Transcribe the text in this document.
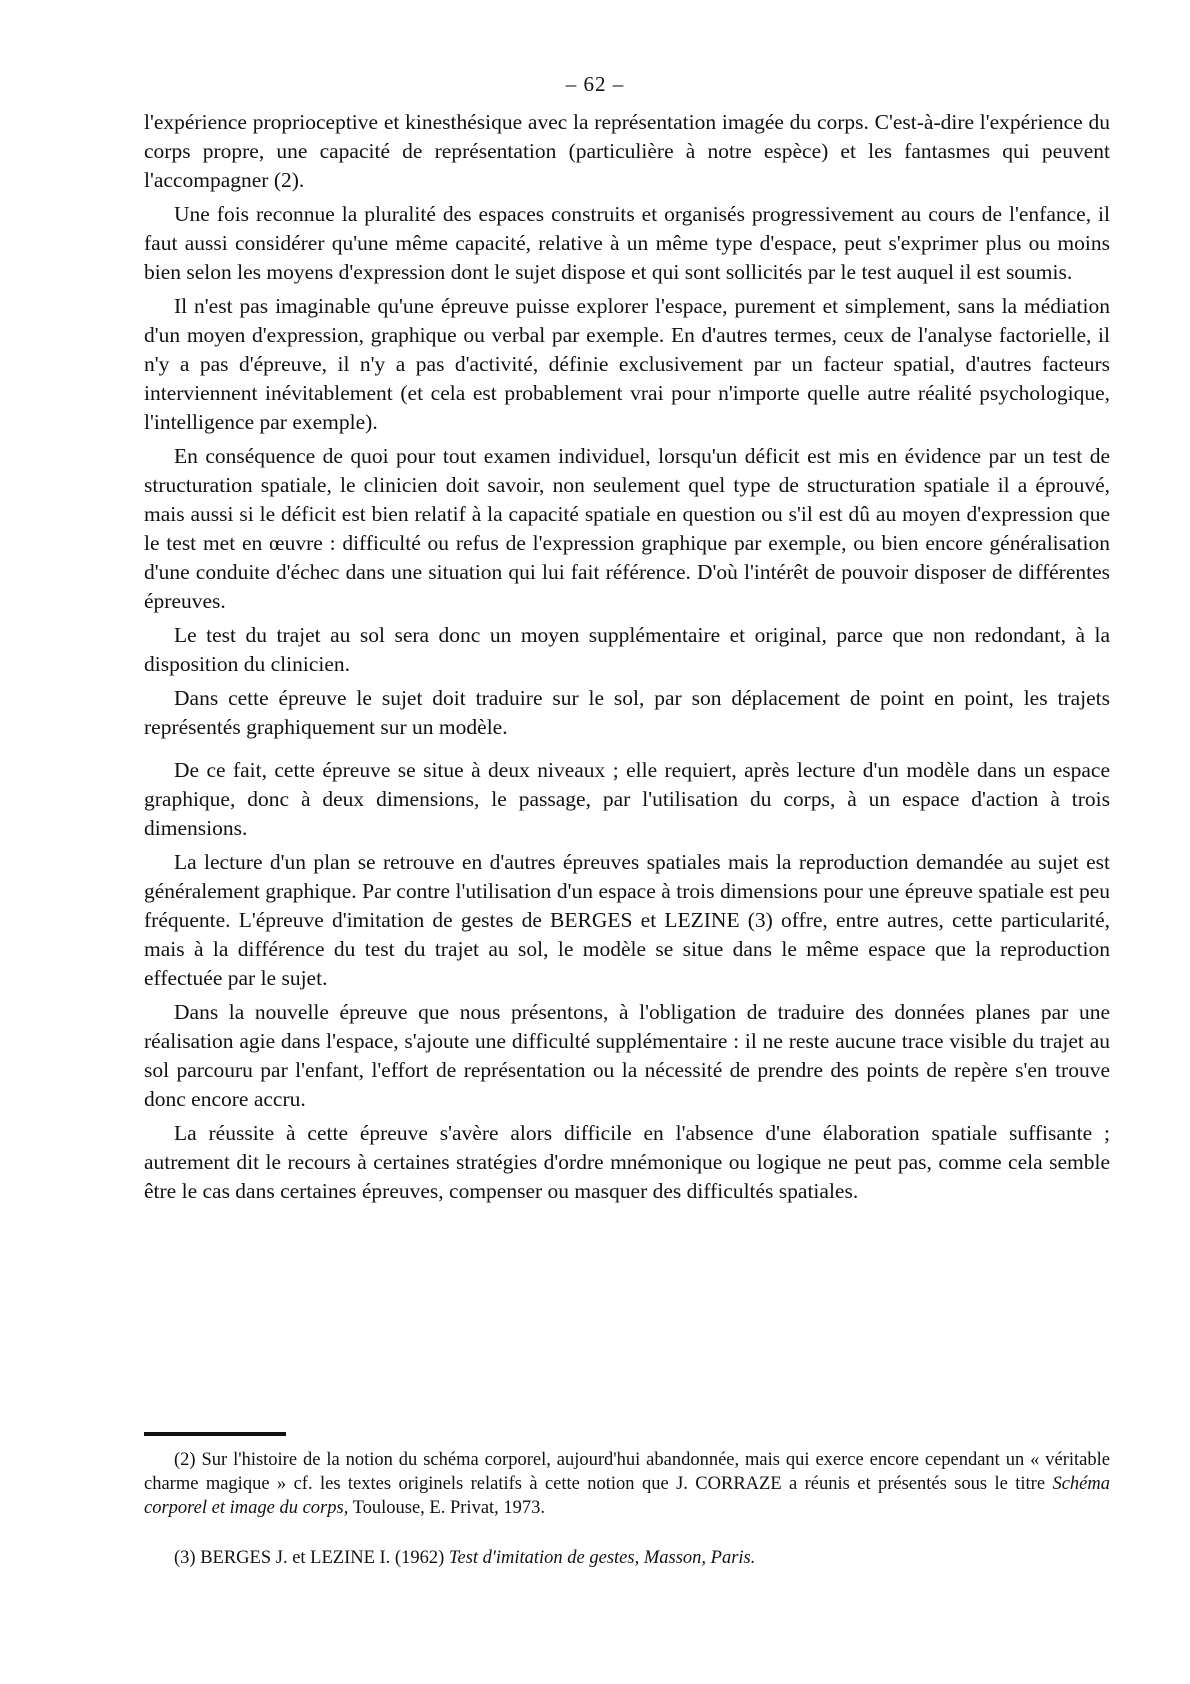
– 62 –

l'expérience proprioceptive et kinesthésique avec la représentation imagée du corps. C'est-à-dire l'expérience du corps propre, une capacité de représentation (particulière à notre espèce) et les fantasmes qui peuvent l'accompagner (2).

Une fois reconnue la pluralité des espaces construits et organisés progressivement au cours de l'enfance, il faut aussi considérer qu'une même capacité, relative à un même type d'espace, peut s'exprimer plus ou moins bien selon les moyens d'expression dont le sujet dispose et qui sont sollicités par le test auquel il est soumis.

Il n'est pas imaginable qu'une épreuve puisse explorer l'espace, purement et simplement, sans la médiation d'un moyen d'expression, graphique ou verbal par exemple. En d'autres termes, ceux de l'analyse factorielle, il n'y a pas d'épreuve, il n'y a pas d'activité, définie exclusivement par un facteur spatial, d'autres facteurs interviennent inévitablement (et cela est probablement vrai pour n'importe quelle autre réalité psychologique, l'intelligence par exemple).

En conséquence de quoi pour tout examen individuel, lorsqu'un déficit est mis en évidence par un test de structuration spatiale, le clinicien doit savoir, non seulement quel type de structuration spatiale il a éprouvé, mais aussi si le déficit est bien relatif à la capacité spatiale en question ou s'il est dû au moyen d'expression que le test met en œuvre : difficulté ou refus de l'expression graphique par exemple, ou bien encore généralisation d'une conduite d'échec dans une situation qui lui fait référence. D'où l'intérêt de pouvoir disposer de différentes épreuves.

Le test du trajet au sol sera donc un moyen supplémentaire et original, parce que non redondant, à la disposition du clinicien.

Dans cette épreuve le sujet doit traduire sur le sol, par son déplacement de point en point, les trajets représentés graphiquement sur un modèle.

De ce fait, cette épreuve se situe à deux niveaux ; elle requiert, après lecture d'un modèle dans un espace graphique, donc à deux dimensions, le passage, par l'utilisation du corps, à un espace d'action à trois dimensions.

La lecture d'un plan se retrouve en d'autres épreuves spatiales mais la reproduction demandée au sujet est généralement graphique. Par contre l'utilisation d'un espace à trois dimensions pour une épreuve spatiale est peu fréquente. L'épreuve d'imitation de gestes de BERGES et LEZINE (3) offre, entre autres, cette particularité, mais à la différence du test du trajet au sol, le modèle se situe dans le même espace que la reproduction effectuée par le sujet.

Dans la nouvelle épreuve que nous présentons, à l'obligation de traduire des données planes par une réalisation agie dans l'espace, s'ajoute une difficulté supplémentaire : il ne reste aucune trace visible du trajet au sol parcouru par l'enfant, l'effort de représentation ou la nécessité de prendre des points de repère s'en trouve donc encore accru.

La réussite à cette épreuve s'avère alors difficile en l'absence d'une élaboration spatiale suffisante ; autrement dit le recours à certaines stratégies d'ordre mnémonique ou logique ne peut pas, comme cela semble être le cas dans certaines épreuves, compenser ou masquer des difficultés spatiales.

(2) Sur l'histoire de la notion du schéma corporel, aujourd'hui abandonnée, mais qui exerce encore cependant un « véritable charme magique » cf. les textes originels relatifs à cette notion que J. CORRAZE a réunis et présentés sous le titre Schéma corporel et image du corps, Toulouse, E. Privat, 1973.

(3) BERGES J. et LEZINE I. (1962) Test d'imitation de gestes, Masson, Paris.
